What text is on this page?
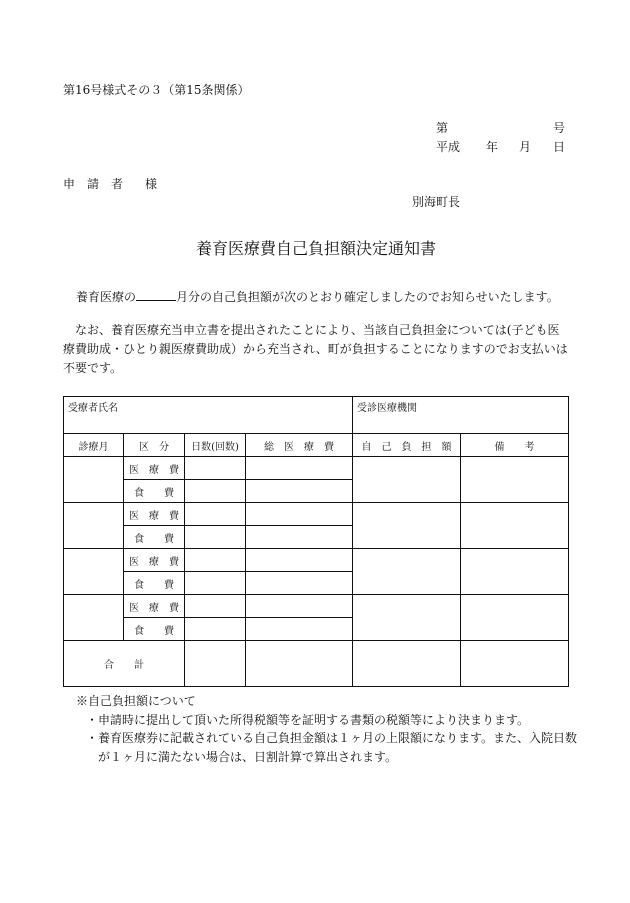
第16号様式その３（第15条関係）
第	号
平成 年 月 日
申　請　者 様
別海町長
養育医療費自己負担額決定通知書
養育医療の	月分の自己負担額が次のとおり確定しましたのでお知らせいたします。
なお、養育医療充当申立書を提出されたことにより、当該自己負担金については(子ども医療費助成・ひとり親医療費助成）から充当され、町が負担することになりますのでお支払いは不要です。
受療者氏名				受診医療機関	
診療月	区　分	日数(回数)	総　医　療　費	自　己　負　担　額	備　　考
	医　療　費				
	食　　費				
	医　療　費				
	食　　費				
	医　療　費				
	食　　費				
	医　療　費				
	食　　費				
合　　計					
※自己負担額について
・申請時に提出して頂いた所得税額等を証明する書類の税額等により決まります。
・養育医療券に記載されている自己負担金額は１ヶ月の上限額になります。また、入院日数が１ヶ月に満たない場合は、日割計算で算出されます。
